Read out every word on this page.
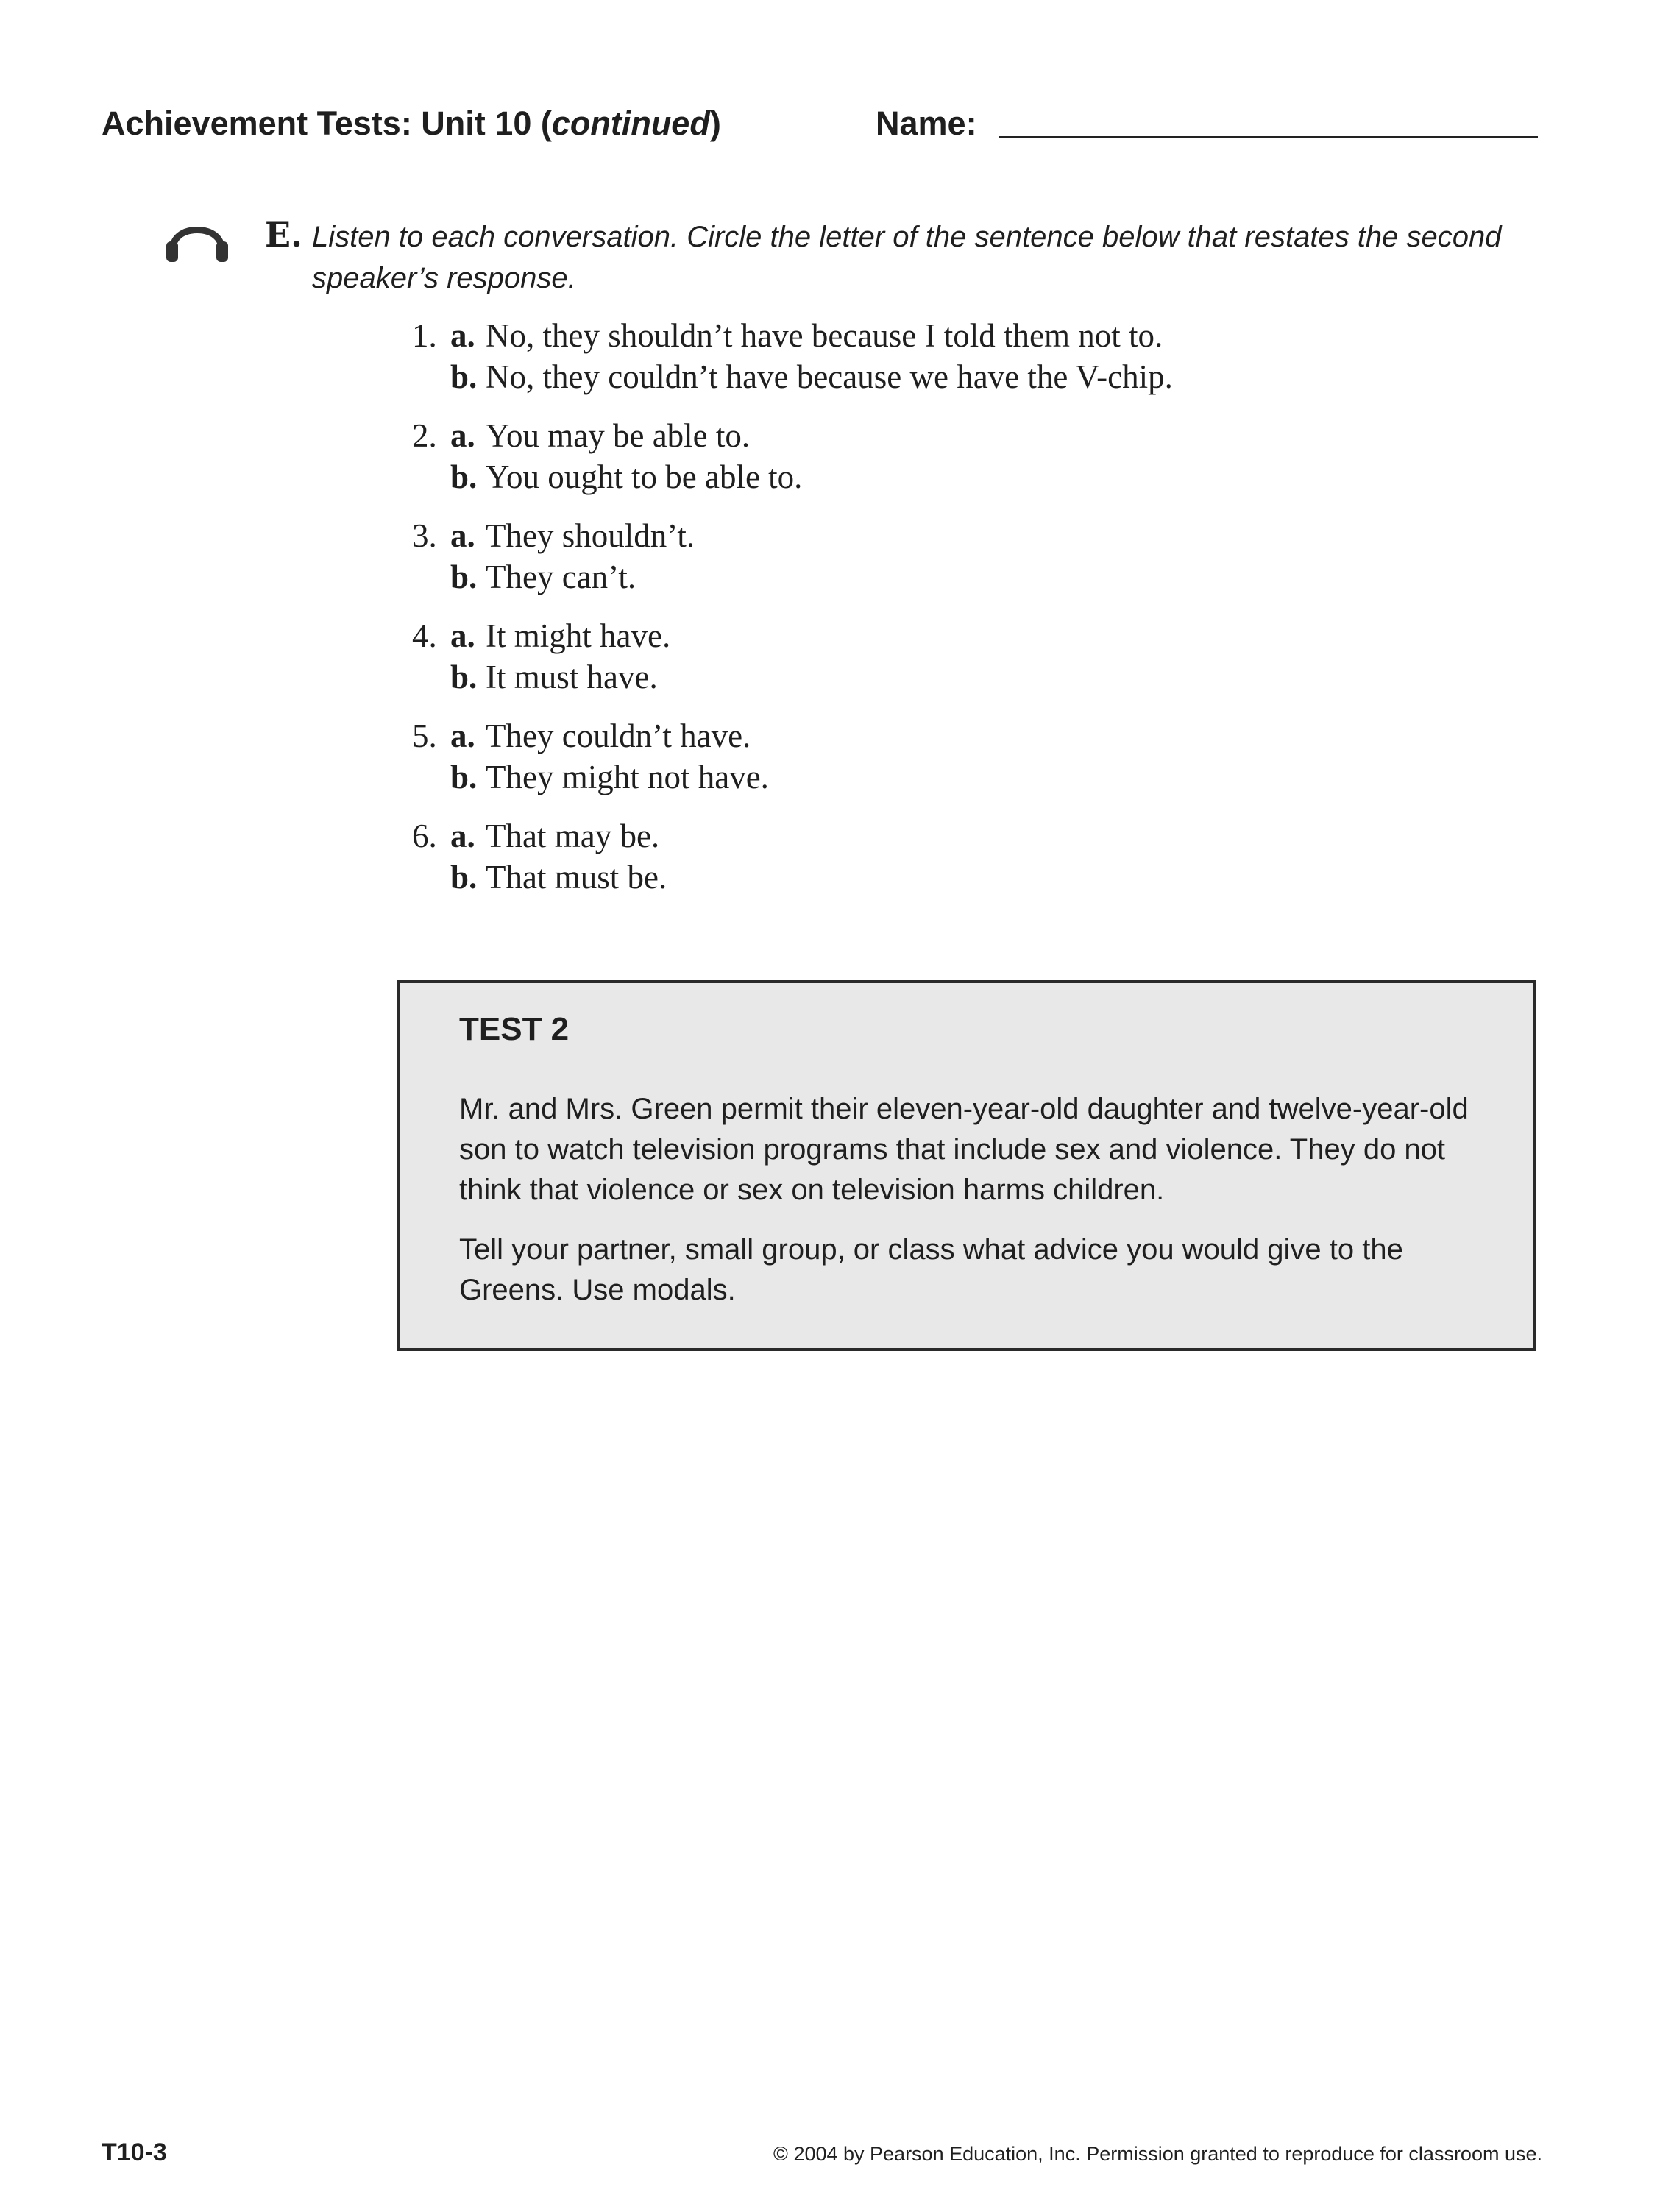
Achievement Tests: Unit 10 (continued)	Name:
E. Listen to each conversation. Circle the letter of the sentence below that restates the second speaker’s response.
1. a. No, they shouldn’t have because I told them not to.
b. No, they couldn’t have because we have the V-chip.
2. a. You may be able to.
b. You ought to be able to.
3. a. They shouldn’t.
b. They can’t.
4. a. It might have.
b. It must have.
5. a. They couldn’t have.
b. They might not have.
6. a. That may be.
b. That must be.
TEST 2

Mr. and Mrs. Green permit their eleven-year-old daughter and twelve-year-old son to watch television programs that include sex and violence. They do not think that violence or sex on television harms children.

Tell your partner, small group, or class what advice you would give to the Greens. Use modals.

T10-3	© 2004 by Pearson Education, Inc. Permission granted to reproduce for classroom use.
